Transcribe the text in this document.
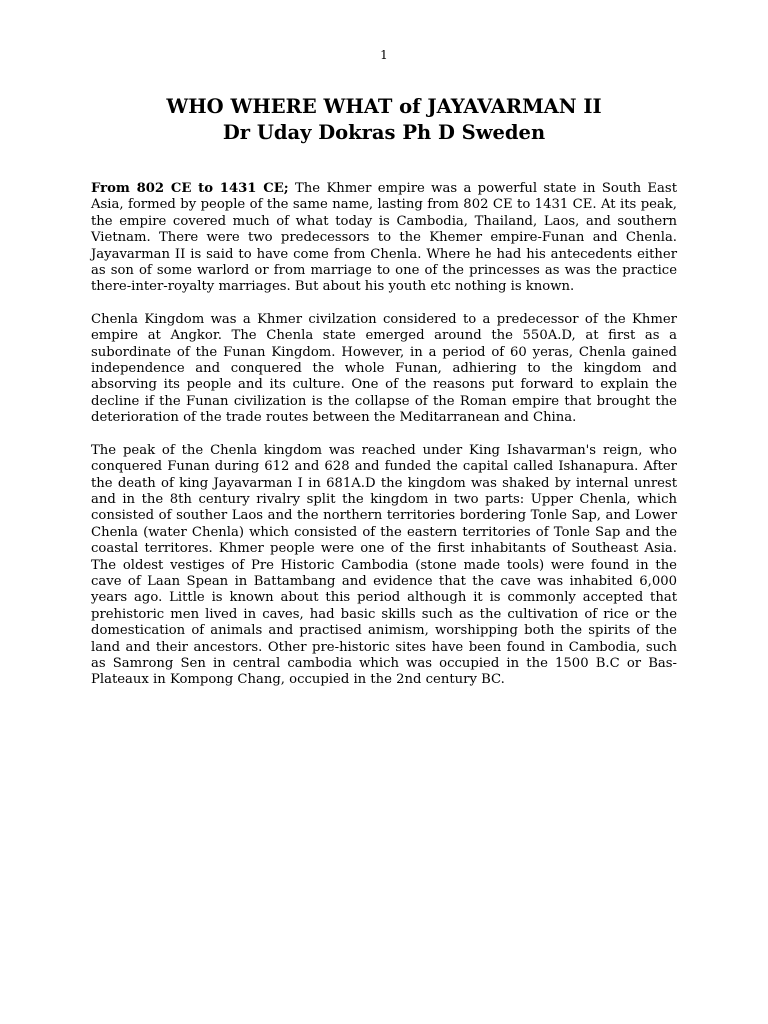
1
WHO WHERE WHAT of JAYAVARMAN II
Dr Uday Dokras Ph D Sweden

From 802 CE to 1431 CE; The Khmer empire was a powerful state in South East Asia, formed by people of the same name, lasting from 802 CE to 1431 CE. At its peak, the empire covered much of what today is Cambodia, Thailand, Laos, and southern Vietnam. There were two predecessors to the Khemer empire-Funan and Chenla. Jayavarman II is said to have come from Chenla. Where he had his antecedents either as son of some warlord or from marriage to one of the princesses as was the practice there-inter-royalty marriages. But about his youth etc nothing is known.

Chenla Kingdom was a Khmer civilzation considered to a predecessor of the Khmer empire at Angkor. The Chenla state emerged around the 550A.D, at first as a subordinate of the Funan Kingdom. However, in a period of 60 yeras, Chenla gained independence and conquered the whole Funan, adhiering to the kingdom and absorving its people and its culture. One of the reasons put forward to explain the decline if the Funan civilization is the collapse of the Roman empire that brought the deterioration of the trade routes between the Meditarranean and China.

The peak of the Chenla kingdom was reached under King Ishavarman's reign, who conquered Funan during 612 and 628 and funded the capital called Ishanapura. After the death of king Jayavarman I in 681A.D the kingdom was shaked by internal unrest and in the 8th century rivalry split the kingdom in two parts: Upper Chenla, which consisted of souther Laos and the northern territories bordering Tonle Sap, and Lower Chenla (water Chenla) which consisted of the eastern territories of Tonle Sap and the coastal territores. Khmer people were one of the first inhabitants of Southeast Asia. The oldest vestiges of Pre Historic Cambodia (stone made tools) were found in the cave of Laan Spean in Battambang and evidence that the cave was inhabited 6,000 years ago. Little is known about this period although it is commonly accepted that prehistoric men lived in caves, had basic skills such as the cultivation of rice or the domestication of animals and practised animism, worshipping both the spirits of the land and their ancestors. Other pre-historic sites have been found in Cambodia, such as Samrong Sen in central cambodia which was occupied in the 1500 B.C or Bas-Plateaux in Kompong Chang, occupied in the 2nd century BC.
